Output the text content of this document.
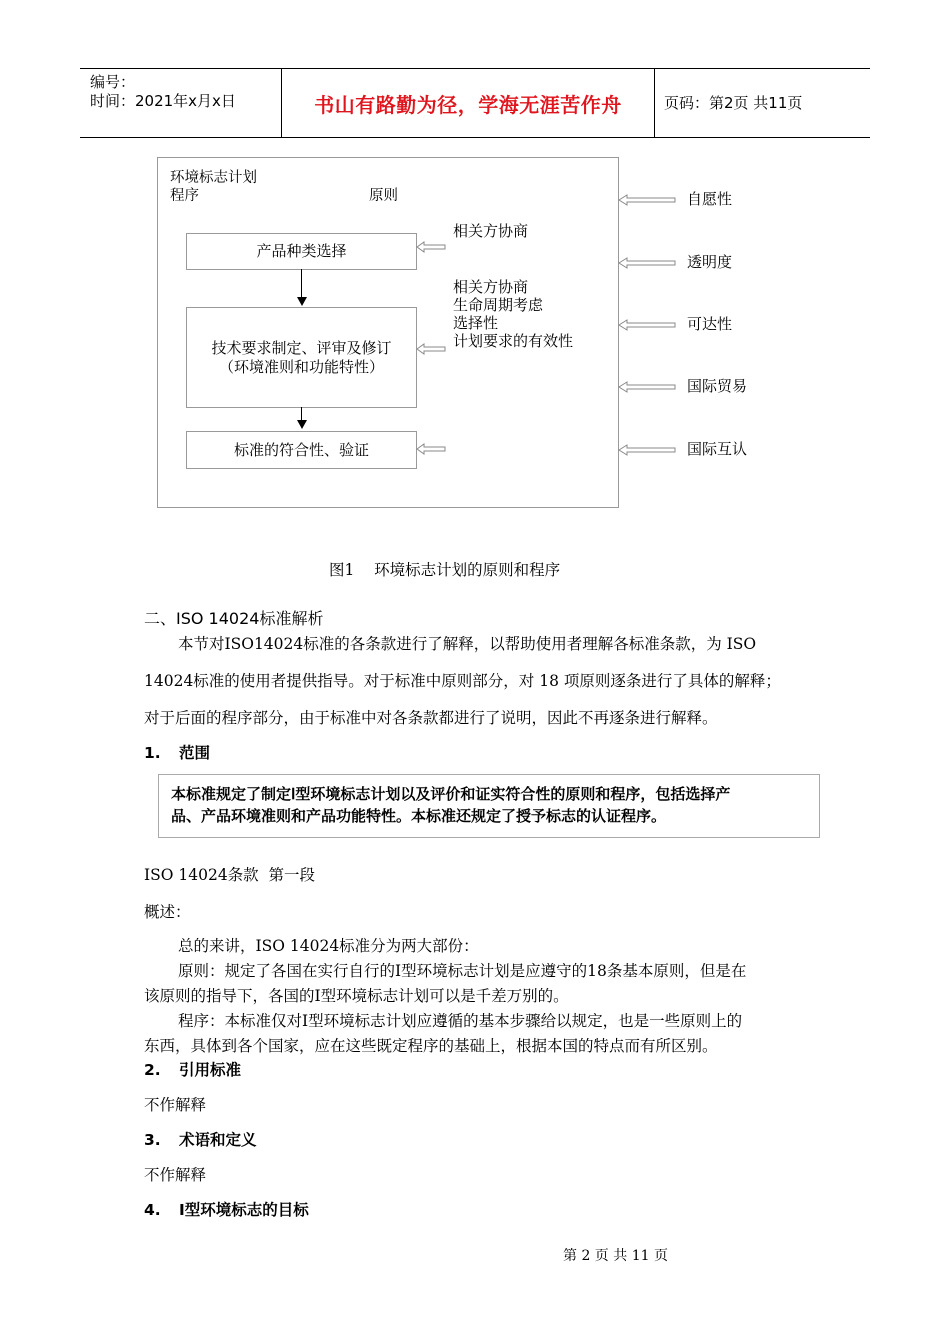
编号：
时间：2021年x月x日	书山有路勤为径，学海无涯苦作舟	页码：第2页 共11页
环境标志计划
程序	原则
产品种类选择
技术要求制定、评审及修订
（环境准则和功能特性）
标准的符合性、验证
相关方协商
相关方协商
生命周期考虑
选择性
计划要求的有效性
自愿性
透明度
可达性
国际贸易
国际互认
图1    环境标志计划的原则和程序
二、ISO 14024标准解析
本节对ISO14024标准的各条款进行了解释，以帮助使用者理解各标准条款，为 ISO
14024标准的使用者提供指导。对于标准中原则部分，对 18 项原则逐条进行了具体的解释；
对于后面的程序部分，由于标准中对各条款都进行了说明，因此不再逐条进行解释。
1. 范围
本标准规定了制定Ⅰ型环境标志计划以及评价和证实符合性的原则和程序，包括选择产
品、产品环境准则和产品功能特性。本标准还规定了授予标志的认证程序。
ISO 14024条款  第一段
概述：
总的来讲，ISO 14024标准分为两大部份：
原则：规定了各国在实行自行的Ⅰ型环境标志计划是应遵守的18条基本原则，但是在
该原则的指导下，各国的Ⅰ型环境标志计划可以是千差万别的。
程序：本标准仅对Ⅰ型环境标志计划应遵循的基本步骤给以规定，也是一些原则上的
东西，具体到各个国家，应在这些既定程序的基础上，根据本国的特点而有所区别。
2. 引用标准
不作解释
3. 术语和定义
不作解释
4. Ⅰ型环境标志的目标
第 2 页 共 11 页
